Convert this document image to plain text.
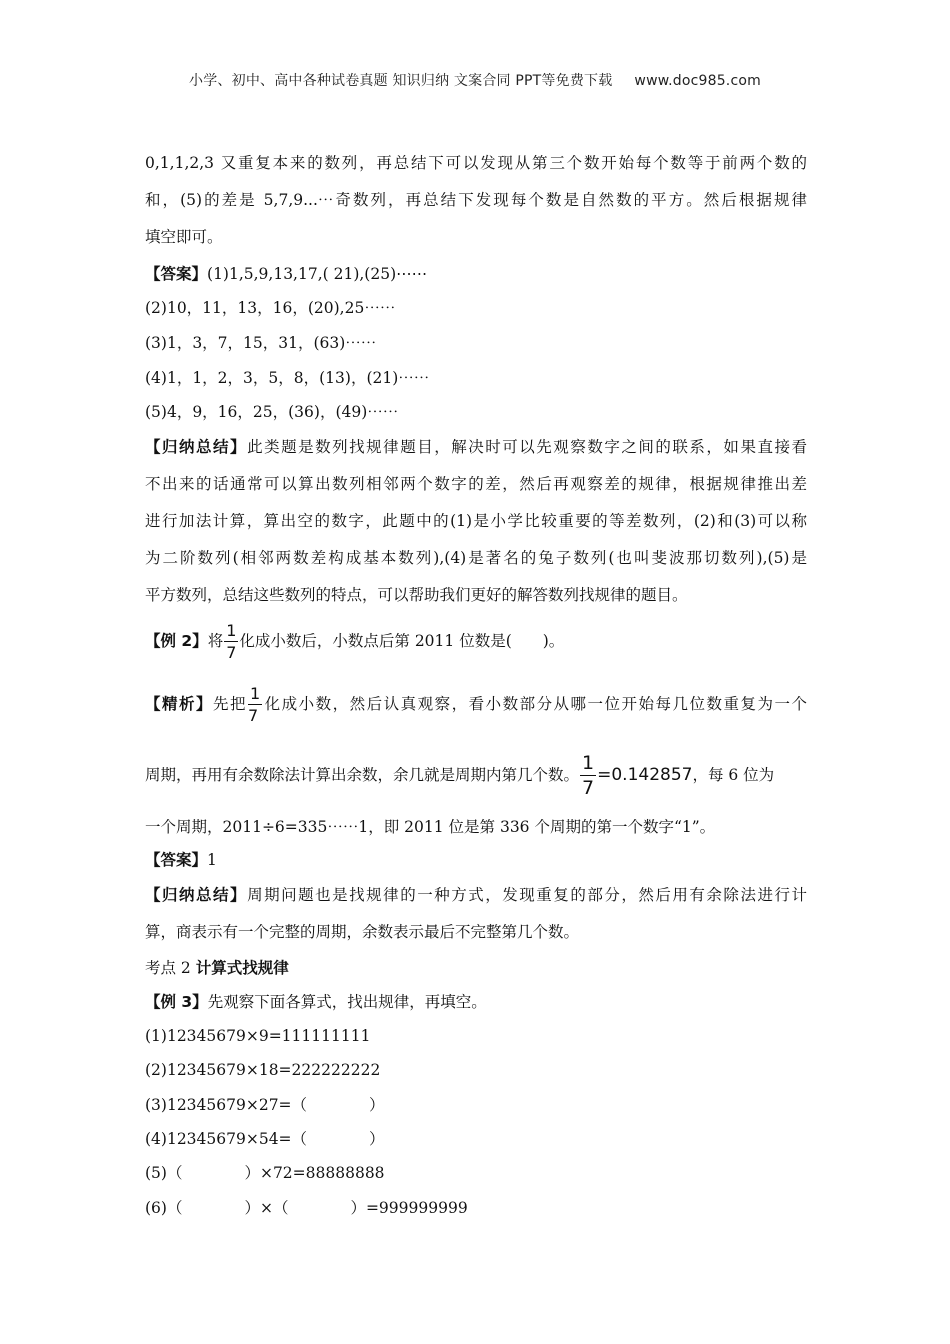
小学、初中、高中各种试卷真题 知识归纳 文案合同 PPT等免费下载 www.doc985.com
0,1,1,2,3 又重复本来的数列，再总结下可以发现从第三个数开始每个数等于前两个数的
和，(5)的差是 5,7,9...⋯奇数列，再总结下发现每个数是自然数的平方。然后根据规律
填空即可。
【答案】(1)1,5,9,13,17,( 21),(25)⋯⋯
(2)10，11，13，16，(20),25⋯⋯
(3)1，3，7，15，31，(63)⋯⋯
(4)1，1，2，3，5，8，(13)，(21)⋯⋯
(5)4，9，16，25，(36)，(49)⋯⋯
【归纳总结】此类题是数列找规律题目，解决时可以先观察数字之间的联系，如果直接看
不出来的话通常可以算出数列相邻两个数字的差，然后再观察差的规律，根据规律推出差
进行加法计算，算出空的数字，此题中的(1)是小学比较重要的等差数列，(2)和(3)可以称
为二阶数列(相邻两数差构成基本数列),(4)是著名的兔子数列(也叫斐波那切数列),(5)是
平方数列，总结这些数列的特点，可以帮助我们更好的解答数列找规律的题目。
【例 2】将 $\frac{1}{7}$ 化成小数后，小数点后第 2011 位数是(　　)。
【精析】先把 $\frac{1}{7}$ 化成小数，然后认真观察，看小数部分从哪一位开始每几位数重复为一个
周期，再用有余数除法计算出余数，余几就是周期内第几个数。 $\frac{1}{7} =0.142857$，每 6 位为
一个周期，2011÷6=335⋯⋯1，即 2011 位是第 336 个周期的第一个数字“1”。
【答案】1
【归纳总结】周期问题也是找规律的一种方式，发现重复的部分，然后用有余除法进行计
算，商表示有一个完整的周期，余数表示最后不完整第几个数。
考点 2 计算式找规律
【例 3】先观察下面各算式，找出规律，再填空。
(1)12345679×9=111111111
(2)12345679×18=222222222
(3)12345679×27=（　　　　）
(4)12345679×54=（　　　　）
(5)（　　　　）×72=88888888
(6)（　　　　）×（　　　　）=999999999
